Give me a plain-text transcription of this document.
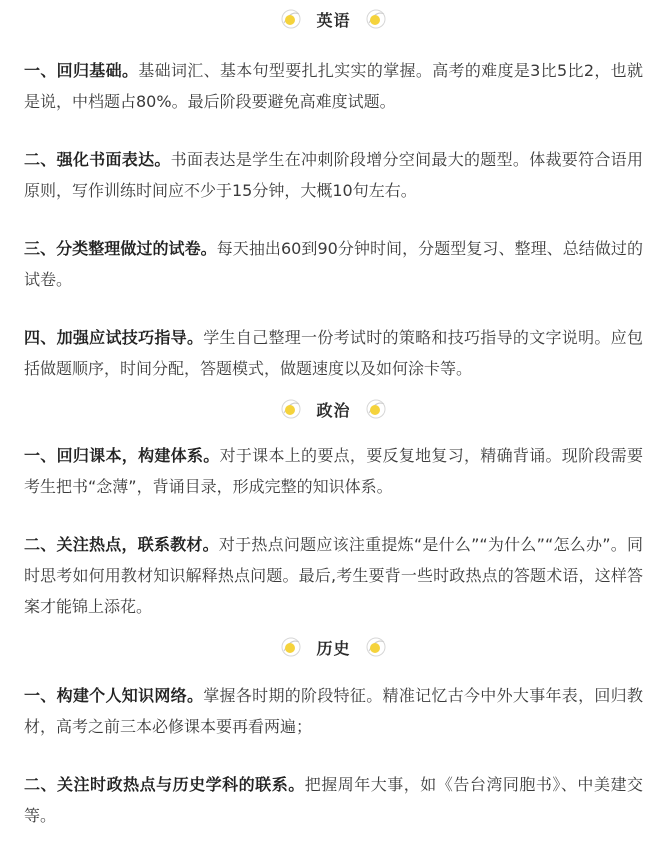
英语

一、回归基础。基础词汇、基本句型要扎扎实实的掌握。高考的难度是3比5比2，也就是说，中档题占80%。最后阶段要避免高难度试题。

二、强化书面表达。书面表达是学生在冲刺阶段增分空间最大的题型。体裁要符合语用原则，写作训练时间应不少于15分钟，大概10句左右。

三、分类整理做过的试卷。每天抽出60到90分钟时间，分题型复习、整理、总结做过的试卷。

四、加强应试技巧指导。学生自己整理一份考试时的策略和技巧指导的文字说明。应包括做题顺序，时间分配，答题模式，做题速度以及如何涂卡等。

政治

一、回归课本，构建体系。对于课本上的要点，要反复地复习，精确背诵。现阶段需要考生把书“念薄”，背诵目录，形成完整的知识体系。

二、关注热点，联系教材。对于热点问题应该注重提炼“是什么”“为什么”“怎么办”。同时思考如何用教材知识解释热点问题。最后,考生要背一些时政热点的答题术语，这样答案才能锦上添花。

历史

一、构建个人知识网络。掌握各时期的阶段特征。精准记忆古今中外大事年表，回归教材，高考之前三本必修课本要再看两遍；

二、关注时政热点与历史学科的联系。把握周年大事，如《告台湾同胞书》、中美建交等。
